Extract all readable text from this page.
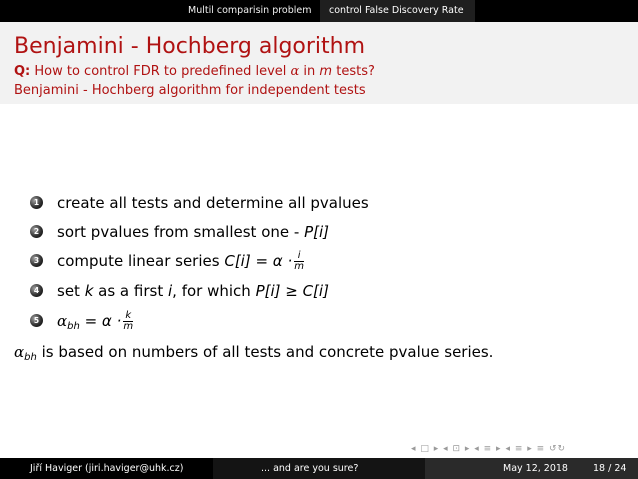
Multil comparisin problem control False Discovery Rate
Benjamini - Hochberg algorithm
Q: How to control FDR to predefined level α in m tests?
Benjamini - Hochberg algorithm for independent tests
1 create all tests and determine all pvalues
2 sort pvalues from smallest one - P[i]
3 compute linear series $C[i] = \alpha \cdot \frac{i}{m}$
4 set k as a first i, for which P[i] ≥ C[i]
5 $\alpha_{bh} = \alpha \cdot \frac{k}{m}$
$\alpha_{bh}$ is based on numbers of all tests and concrete pvalue series.
◂ □ ▸ ◂ ⊡ ▸ ◂ ≡ ▸ ◂ ≡ ▸ ≡ ↺↻
Jiří Haviger (jiri.haviger@uhk.cz)	... and are you sure?	May 12, 2018	18 / 24
